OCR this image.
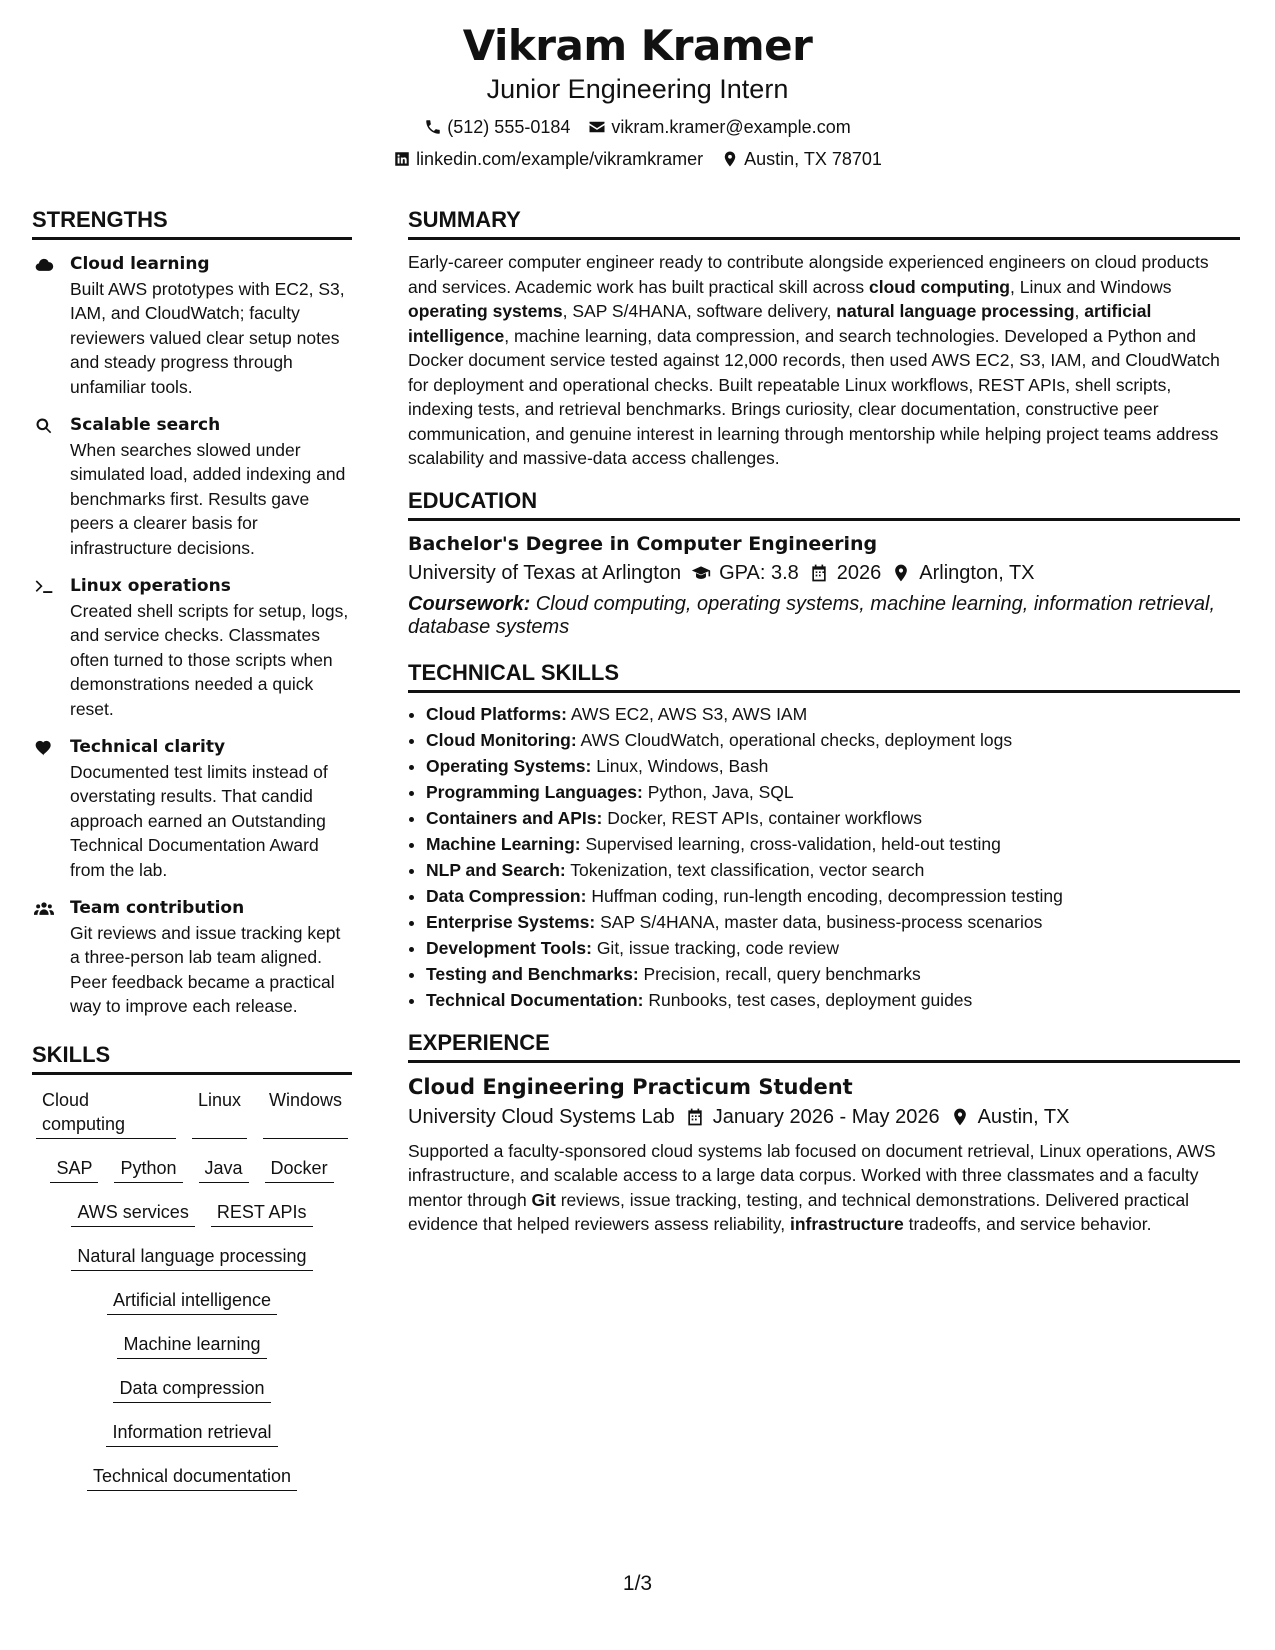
Vikram Kramer
Junior Engineering Intern
(512) 555-0184 vikram.kramer@example.com
linkedin.com/example/vikramkramer Austin, TX 78701
STRENGTHS
Cloud learning
Built AWS prototypes with EC2, S3, IAM, and CloudWatch; faculty reviewers valued clear setup notes and steady progress through unfamiliar tools.
Scalable search
When searches slowed under simulated load, added indexing and benchmarks first. Results gave peers a clearer basis for infrastructure decisions.
Linux operations
Created shell scripts for setup, logs, and service checks. Classmates often turned to those scripts when demonstrations needed a quick reset.
Technical clarity
Documented test limits instead of overstating results. That candid approach earned an Outstanding Technical Documentation Award from the lab.
Team contribution
Git reviews and issue tracking kept a three-person lab team aligned. Peer feedback became a practical way to improve each release.
SKILLS
Cloud computing
Linux	Windows
SAP	Python	Java	Docker
AWS services	REST APIs
Natural language processing
Artificial intelligence
Machine learning
Data compression
Information retrieval
Technical documentation
SUMMARY
Early-career computer engineer ready to contribute alongside experienced engineers on cloud products and services. Academic work has built practical skill across cloud computing, Linux and Windows operating systems, SAP S/4HANA, software delivery, natural language processing, artificial intelligence, machine learning, data compression, and search technologies. Developed a Python and Docker document service tested against 12,000 records, then used AWS EC2, S3, IAM, and CloudWatch for deployment and operational checks. Built repeatable Linux workflows, REST APIs, shell scripts, indexing tests, and retrieval benchmarks. Brings curiosity, clear documentation, constructive peer communication, and genuine interest in learning through mentorship while helping project teams address scalability and massive-data access challenges.
EDUCATION
Bachelor's Degree in Computer Engineering
University of Texas at Arlington GPA: 3.8 2026 Arlington, TX
Coursework: Cloud computing, operating systems, machine learning, information retrieval, database systems
TECHNICAL SKILLS
• Cloud Platforms: AWS EC2, AWS S3, AWS IAM
• Cloud Monitoring: AWS CloudWatch, operational checks, deployment logs
• Operating Systems: Linux, Windows, Bash
• Programming Languages: Python, Java, SQL
• Containers and APIs: Docker, REST APIs, container workflows
• Machine Learning: Supervised learning, cross-validation, held-out testing
• NLP and Search: Tokenization, text classification, vector search
• Data Compression: Huffman coding, run-length encoding, decompression testing
• Enterprise Systems: SAP S/4HANA, master data, business-process scenarios
• Development Tools: Git, issue tracking, code review
• Testing and Benchmarks: Precision, recall, query benchmarks
• Technical Documentation: Runbooks, test cases, deployment guides
EXPERIENCE
Cloud Engineering Practicum Student
University Cloud Systems Lab January 2026 - May 2026 Austin, TX
Supported a faculty-sponsored cloud systems lab focused on document retrieval, Linux operations, AWS infrastructure, and scalable access to a large data corpus. Worked with three classmates and a faculty mentor through Git reviews, issue tracking, testing, and technical demonstrations. Delivered practical evidence that helped reviewers assess reliability, infrastructure tradeoffs, and service behavior.
1/3
